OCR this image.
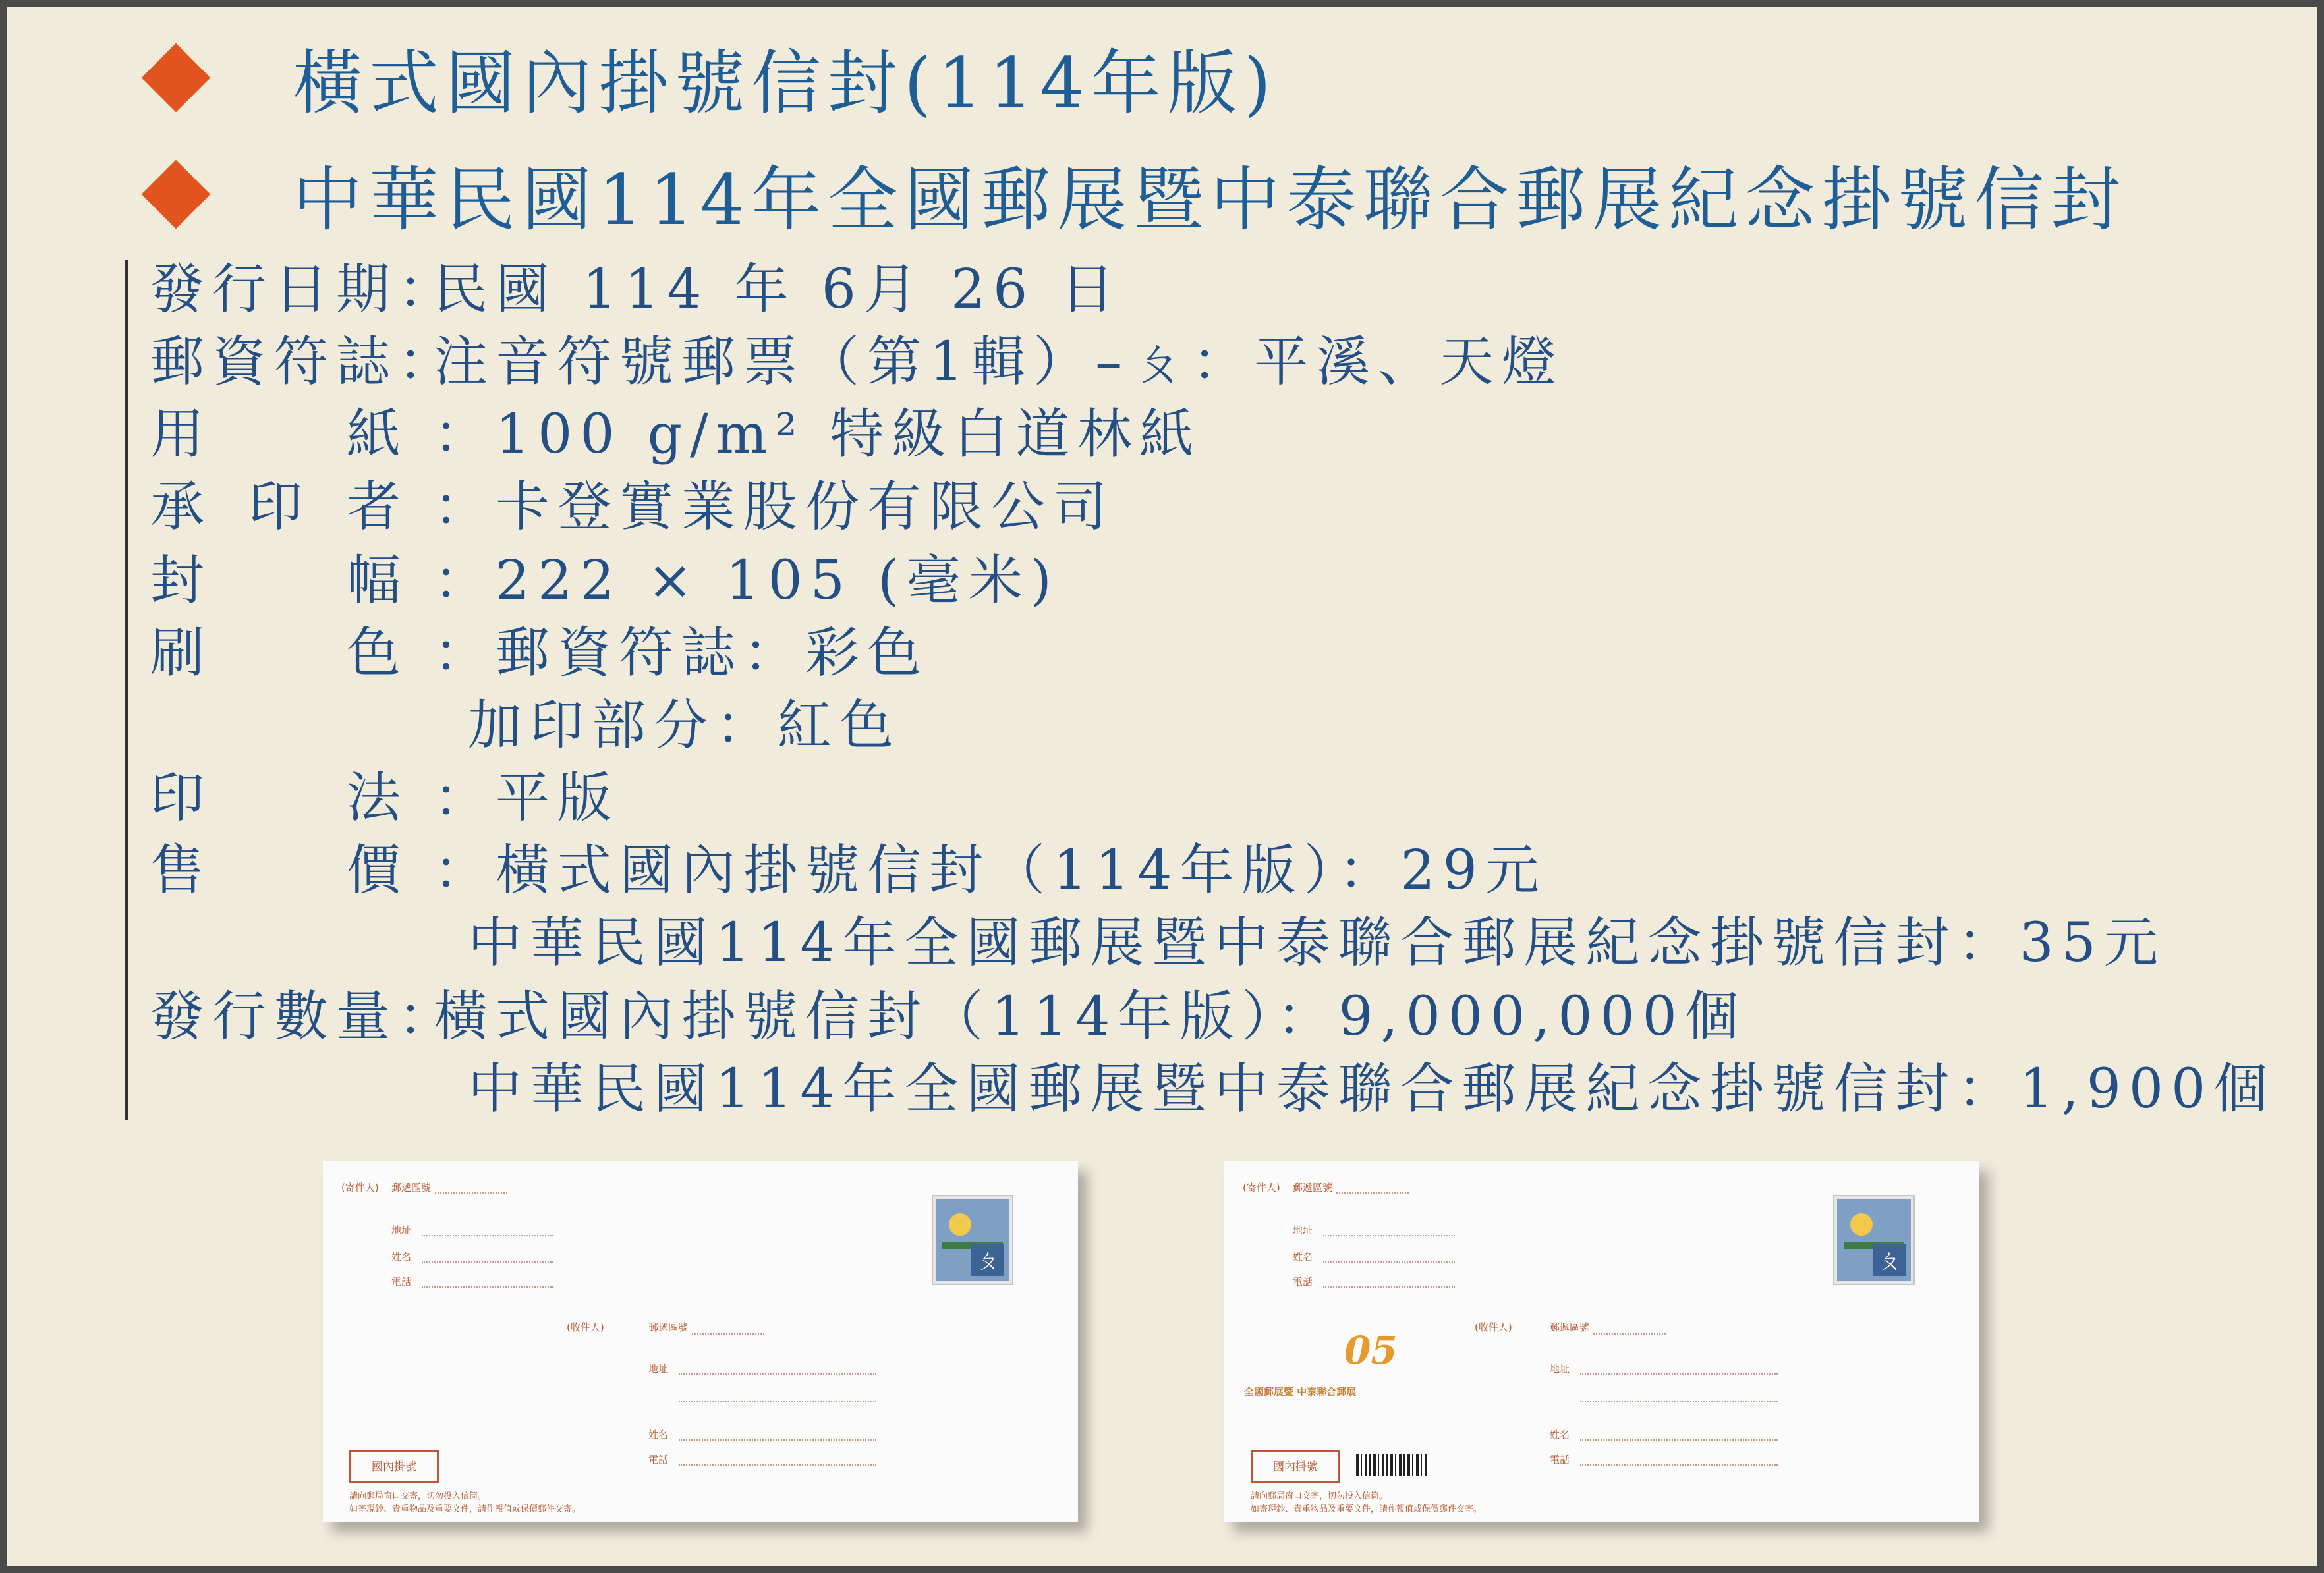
橫式國內掛號信封(114年版)
中華民國114年全國郵展暨中泰聯合郵展紀念掛號信封
發行日期：民國 114 年 6月 26 日
郵資符誌：注音符號郵票（第1輯）–ㄆ：平溪、天燈
用	紙 ：100 g/m² 特級白道林紙
承 印 者 ：卡登實業股份有限公司
封	幅 ：222 × 105 (毫米)
刷	色 ：郵資符誌：彩色
加印部分：紅色
印	法 ：平版
售	價 ：橫式國內掛號信封（114年版）：29元
中華民國114年全國郵展暨中泰聯合郵展紀念掛號信封：35元
發行數量：橫式國內掛號信封（114年版）：9,000,000個
中華民國114年全國郵展暨中泰聯合郵展紀念掛號信封：1,900個
(寄件人) 郵遞區號
地址
姓名
電話
ㄆ
(收件人)	郵遞區號
地址
姓名
電話
國內掛號
請向郵局窗口交寄，切勿投入信筒。
如寄現鈔、貴重物品及重要文件，請作報值或保價郵件交寄。
(寄件人) 郵遞區號
地址
姓名
電話
ㄆ
05
全國郵展暨 中泰聯合郵展
(收件人)	郵遞區號
地址
姓名
電話
國內掛號
請向郵局窗口交寄，切勿投入信筒。
如寄現鈔、貴重物品及重要文件，請作報值或保價郵件交寄。
